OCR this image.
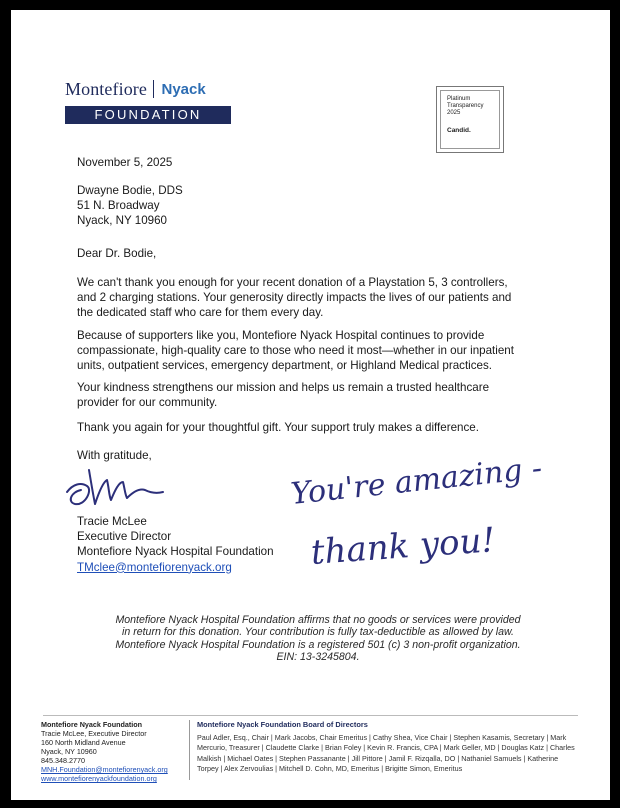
Montefiore Nyack
FOUNDATION
Platinum
Transparency
2025
Candid.
November 5, 2025
Dwayne Bodie, DDS
51 N. Broadway
Nyack, NY 10960
Dear Dr. Bodie,
We can't thank you enough for your recent donation of a Playstation 5, 3 controllers,
and 2 charging stations. Your generosity directly impacts the lives of our patients and
the dedicated staff who care for them every day.
Because of supporters like you, Montefiore Nyack Hospital continues to provide
compassionate, high-quality care to those who need it most—whether in our inpatient
units, outpatient services, emergency department, or Highland Medical practices.
Your kindness strengthens our mission and helps us remain a trusted healthcare
provider for our community.
Thank you again for your thoughtful gift. Your support truly makes a difference.
With gratitude,
Tracie McLee
Executive Director
Montefiore Nyack Hospital Foundation
TMclee@montefiorenyack.org
You're amazing -
thank you!
Montefiore Nyack Hospital Foundation affirms that no goods or services were provided
in return for this donation. Your contribution is fully tax-deductible as allowed by law.
Montefiore Nyack Hospital Foundation is a registered 501 (c) 3 non-profit organization.
EIN: 13-3245804.
Montefiore Nyack Foundation
Tracie McLee, Executive Director
160 North Midland Avenue
Nyack, NY 10960
845.348.2770
MNH.Foundation@montefiorenyack.org
www.montefiorenyackfoundation.org
Montefiore Nyack Foundation Board of Directors
Paul Adler, Esq., Chair | Mark Jacobs, Chair Emeritus | Cathy Shea, Vice Chair | Stephen Kasamis, Secretary | Mark
Mercurio, Treasurer | Claudette Clarke | Brian Foley | Kevin R. Francis, CPA | Mark Geller, MD | Douglas Katz | Charles
Malkish | Michael Oates | Stephen Passanante | Jill Pittore | Jamil F. Rizqalla, DO | Nathaniel Samuels | Katherine
Torpey | Alex Zervoulias | Mitchell D. Cohn, MD, Emeritus | Brigitte Simon, Emeritus
